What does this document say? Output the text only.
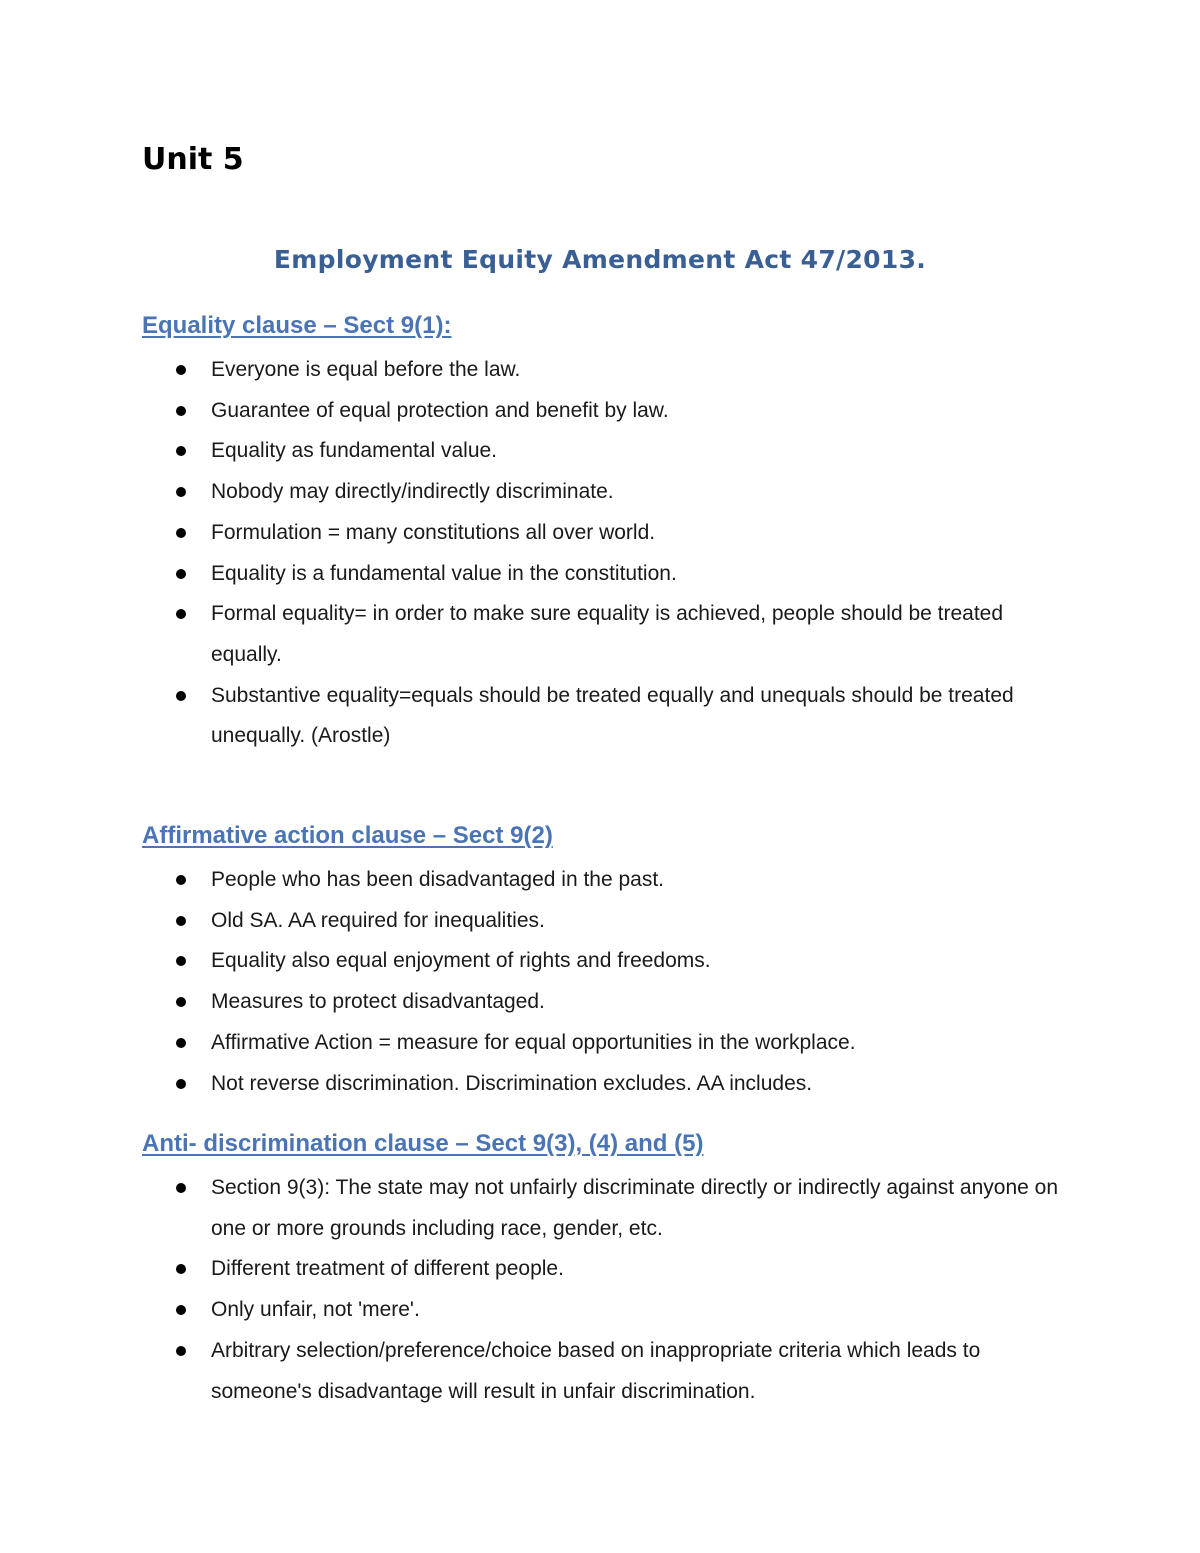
Unit 5
Employment Equity Amendment Act 47/2013.
Equality clause – Sect 9(1):
Everyone is equal before the law.
Guarantee of equal protection and benefit by law.
Equality as fundamental value.
Nobody may directly/indirectly discriminate.
Formulation = many constitutions all over world.
Equality is a fundamental value in the constitution.
Formal equality= in order to make sure equality is achieved, people should be treated equally.
Substantive equality=equals should be treated equally and unequals should be treated unequally. (Arostle)
Affirmative action clause – Sect 9(2)
People who has been disadvantaged in the past.
Old SA. AA required for inequalities.
Equality also equal enjoyment of rights and freedoms.
Measures to protect disadvantaged.
Affirmative Action = measure for equal opportunities in the workplace.
Not reverse discrimination. Discrimination excludes. AA includes.
Anti- discrimination clause – Sect 9(3), (4) and (5)
Section 9(3): The state may not unfairly discriminate directly or indirectly against anyone on one or more grounds including race, gender, etc.
Different treatment of different people.
Only unfair, not 'mere'.
Arbitrary selection/preference/choice based on inappropriate criteria which leads to someone's disadvantage will result in unfair discrimination.
